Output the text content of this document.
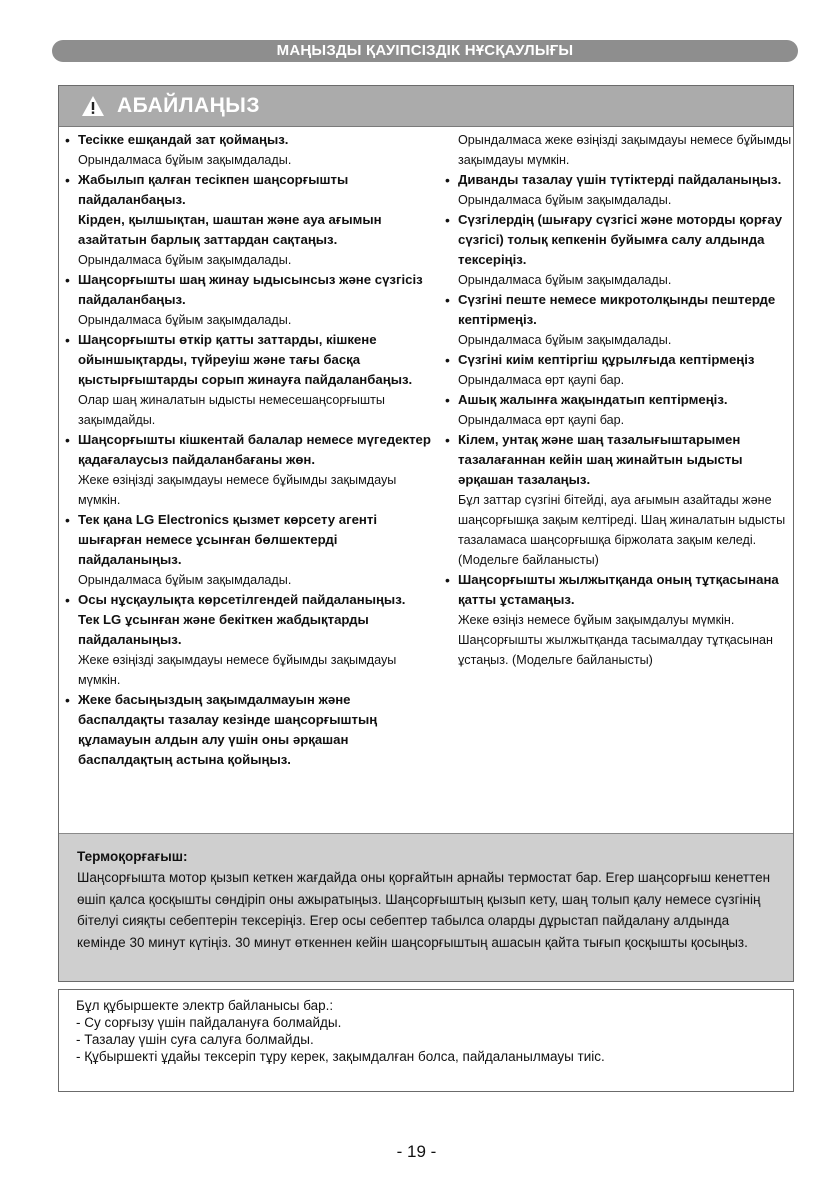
МАҢЫЗДЫ ҚАУІПСІЗДІК НҰСҚАУЛЫҒЫ
АБАЙЛАҢЫЗ
• Тесікке ешқандай зат қоймаңыз.
Орындалмаса бұйым зақымдалады.
• Жабылып қалған тесікпен шаңсорғышты пайдаланбаңыз.
Кірден, қылшықтан, шаштан және ауа ағымын азайтатын барлық заттардан сақтаңыз.
Орындалмаса бұйым зақымдалады.
• Шаңсорғышты шаң жинау ыдысынсыз және сүзгісіз пайдаланбаңыз.
Орындалмаса бұйым зақымдалады.
• Шаңсорғышты өткір қатты заттарды, кішкене ойыншықтарды, түйреуіш және тағы басқа қыстырғыштарды сорып жинауға пайдаланбаңыз.
Олар шаң жиналатын ыдысты немесешаңсорғышты зақымдайды.
• Шаңсорғышты кішкентай балалар немесе мүгедектер қадағалаусыз пайдаланбағаны жөн.
Жеке өзіңізді зақымдауы немесе бұйымды зақымдауы мүмкін.
• Тек қана LG Electronics қызмет көрсету агенті шығарған немесе ұсынған бөлшектерді пайдаланыңыз.
Орындалмаса бұйым зақымдалады.
• Осы нұсқаулықта көрсетілгендей пайдаланыңыз.
Тек LG ұсынған және бекіткен жабдықтарды пайдаланыңыз.
Жеке өзіңізді зақымдауы немесе бұйымды зақымдауы мүмкін.
• Жеке басыңыздың зақымдалмауын және баспалдақты тазалау кезінде шаңсорғыштың құламауын алдын алу үшін оны әрқашан баспалдақтың астына қойыңыз.
Орындалмаса жеке өзіңізді зақымдауы немесе бұйымды зақымдауы мүмкін.
• Диванды тазалау үшін түтіктерді пайдаланыңыз.
Орындалмаса бұйым зақымдалады.
• Сүзгілердің (шығару сүзгісі және моторды қорғау сүзгісі) толық кепкенін буйымға салу алдында тексеріңіз.
Орындалмаса бұйым зақымдалады.
• Сүзгіні пеште немесе микротолқынды пештерде кептірмеңіз.
Орындалмаса бұйым зақымдалады.
• Сүзгіні киім кептіргіш құрылғыда кептірмеңіз
Орындалмаса өрт қаупі бар.
• Ашық жалынға жақындатып кептірмеңіз.
Орындалмаса өрт қаупі бар.
• Кілем, унтақ және шаң тазалығыштарымен тазалағаннан кейін шаң жинайтын ыдысты әрқашан тазалаңыз.
Бұл заттар сүзгіні бітейді, ауа ағымын азайтады және шаңсорғышқа зақым келтіреді. Шаң жиналатын ыдысты тазаламаса шаңсорғышқа біржолата зақым келеді. (Модельге байланысты)
• Шаңсорғышты жылжытқанда оның тұтқасынана қатты ұстамаңыз.
Жеке өзіңіз немесе бұйым зақымдалуы мүмкін. Шаңсорғышты жылжытқанда тасымалдау тұтқасынан ұстаңыз. (Модельге байланысты)
Термоқорғағыш:
Шаңсорғышта мотор қызып кеткен жағдайда оны қорғайтын арнайы термостат бар. Егер шаңсорғыш кенеттен өшіп қалса қосқышты сөндіріп оны ажыратыңыз. Шаңсорғыштың қызып кету, шаң толып қалу немесе сүзгінің бітелуі сияқты себептерін тексеріңіз. Егер осы себептер табылса оларды дұрыстап пайдалану алдында кемінде 30 минут күтіңіз. 30 минут өткеннен кейін шаңсорғыштың ашасын қайта тығып қосқышты қосыңыз.
Бұл құбыршекте электр байланысы бар.:
- Су сорғызу үшін пайдалануға болмайды.
- Тазалау үшін суға салуға болмайды.
- Құбыршекті ұдайы тексеріп тұру керек, зақымдалған болса, пайдаланылмауы тиіс.
- 19 -
